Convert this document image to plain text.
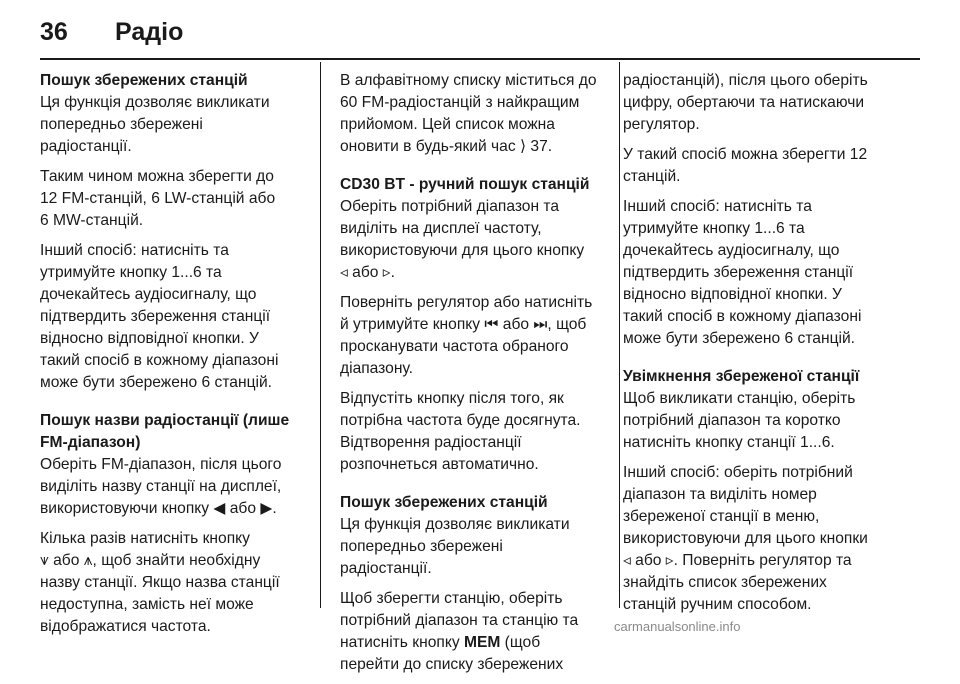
36 Радіо
Пошук збережених станцій
Ця функція дозволяє викликати
попередньо збережені
радіостанції.
Таким чином можна зберегти до
12 FM-станцій, 6 LW-станцій або
6 MW-станцій.
Інший спосіб: натисніть та
утримуйте кнопку 1...6 та
дочекайтесь аудіосигналу, що
підтвердить збереження станції
відносно відповідної кнопки. У
такий спосіб в кожному діапазоні
може бути збережено 6 станцій.
Пошук назви радіостанції (лише
FM-діапазон)
Оберіть FM-діапазон, після цього
виділіть назву станції на дисплеї,
використовуючи кнопку ◀ або ▶.
Кілька разів натисніть кнопку
⩛ або ⩚, щоб знайти необхідну
назву станції. Якщо назва станції
недоступна, замість неї може
відображатися частота.
В алфавітному списку міститься до
60 FM-радіостанцій з найкращим
прийомом. Цей список можна
оновити в будь-який час ⟩ 37.
CD30 BT - ручний пошук станцій
Оберіть потрібний діапазон та
виділіть на дисплеї частоту,
використовуючи для цього кнопку
◃ або ▹.
Поверніть регулятор або натисніть
й утримуйте кнопку ⏮ або ⏭, щоб
просканувати частота обраного
діапазону.
Відпустіть кнопку після того, як
потрібна частота буде досягнута.
Відтворення радіостанції
розпочнеться автоматично.
Пошук збережених станцій
Ця функція дозволяє викликати
попередньо збережені
радіостанції.
Щоб зберегти станцію, оберіть
потрібний діапазон та станцію та
натисніть кнопку MEM (щоб
перейти до списку збережених
радіостанцій), після цього оберіть
цифру, обертаючи та натискаючи
регулятор.
У такий спосіб можна зберегти 12
станцій.
Інший спосіб: натисніть та
утримуйте кнопку 1...6 та
дочекайтесь аудіосигналу, що
підтвердить збереження станції
відносно відповідної кнопки. У
такий спосіб в кожному діапазоні
може бути збережено 6 станцій.
Увімкнення збереженої станції
Щоб викликати станцію, оберіть
потрібний діапазон та коротко
натисніть кнопку станції 1...6.
Інший спосіб: оберіть потрібний
діапазон та виділіть номер
збереженої станції в меню,
використовуючи для цього кнопки
◃ або ▹. Поверніть регулятор та
знайдіть список збережених
станцій ручним способом.
carmanualsonline.info
